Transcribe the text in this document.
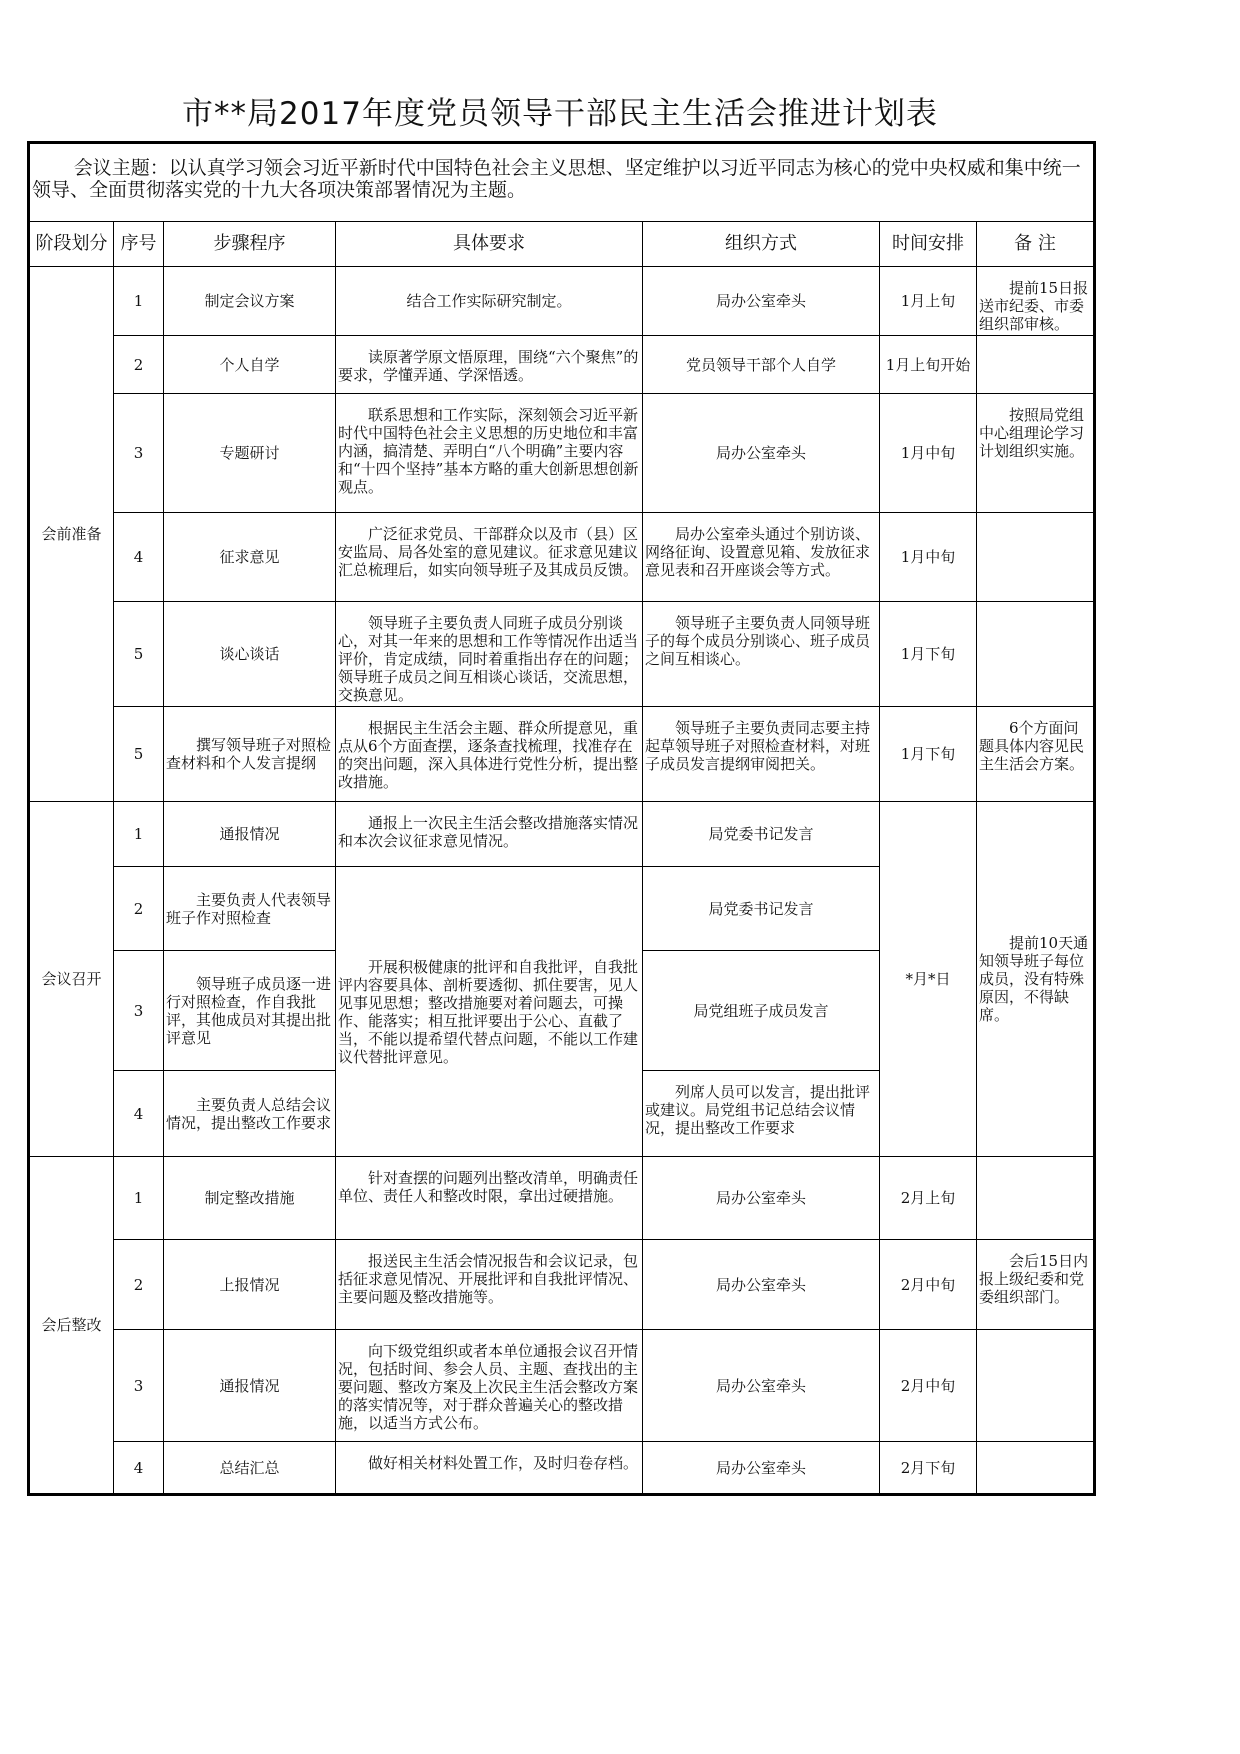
市**局2017年度党员领导干部民主生活会推进计划表
会议主题：以认真学习领会习近平新时代中国特色社会主义思想、坚定维护以习近平同志为核心的党中央权威和集中统一领导、全面贯彻落实党的十九大各项决策部署情况为主题。						
阶段划分	序号	步骤程序	具体要求	组织方式	时间安排	备 注
会前准备	1	制定会议方案	结合工作实际研究制定。	局办公室牵头	1月上旬	提前15日报送市纪委、市委组织部审核。
	2	个人自学	读原著学原文悟原理，围绕“六个聚焦”的要求，学懂弄通、学深悟透。	党员领导干部个人自学	1月上旬开始	
	3	专题研讨	联系思想和工作实际，深刻领会习近平新时代中国特色社会主义思想的历史地位和丰富内涵，搞清楚、弄明白“八个明确”主要内容和“十四个坚持”基本方略的重大创新思想创新观点。	局办公室牵头	1月中旬	按照局党组中心组理论学习计划组织实施。
	4	征求意见	广泛征求党员、干部群众以及市（县）区安监局、局各处室的意见建议。征求意见建议汇总梳理后，如实向领导班子及其成员反馈。	局办公室牵头通过个别访谈、网络征询、设置意见箱、发放征求意见表和召开座谈会等方式。	1月中旬	
	5	谈心谈话	领导班子主要负责人同班子成员分别谈心，对其一年来的思想和工作等情况作出适当评价，肯定成绩，同时着重指出存在的问题；领导班子成员之间互相谈心谈话，交流思想，交换意见。	领导班子主要负责人同领导班子的每个成员分别谈心、班子成员之间互相谈心。	1月下旬	
	5	撰写领导班子对照检查材料和个人发言提纲	根据民主生活会主题、群众所提意见，重点从6个方面查摆，逐条查找梳理，找准存在的突出问题，深入具体进行党性分析，提出整改措施。	领导班子主要负责同志要主持起草领导班子对照检查材料，对班子成员发言提纲审阅把关。	1月下旬	6个方面问题具体内容见民主生活会方案。
会议召开	1	通报情况	通报上一次民主生活会整改措施落实情况和本次会议征求意见情况。	局党委书记发言	*月*日	提前10天通知领导班子每位成员，没有特殊原因，不得缺席。
	2	主要负责人代表领导班子作对照检查	开展积极健康的批评和自我批评，自我批评内容要具体、剖析要透彻、抓住要害，见人见事见思想；整改措施要对着问题去，可操作、能落实；相互批评要出于公心、直截了当，不能以提希望代替点问题，不能以工作建议代替批评意见。	局党委书记发言		
	3	领导班子成员逐一进行对照检查，作自我批评，其他成员对其提出批评意见		局党组班子成员发言		
	4	主要负责人总结会议情况，提出整改工作要求		列席人员可以发言，提出批评或建议。局党组书记总结会议情况，提出整改工作要求		
会后整改	1	制定整改措施	针对查摆的问题列出整改清单，明确责任单位、责任人和整改时限，拿出过硬措施。	局办公室牵头	2月上旬	
	2	上报情况	报送民主生活会情况报告和会议记录，包括征求意见情况、开展批评和自我批评情况、主要问题及整改措施等。	局办公室牵头	2月中旬	会后15日内报上级纪委和党委组织部门。
	3	通报情况	向下级党组织或者本单位通报会议召开情况，包括时间、参会人员、主题、查找出的主要问题、整改方案及上次民主生活会整改方案的落实情况等，对于群众普遍关心的整改措施，以适当方式公布。	局办公室牵头	2月中旬	
	4	总结汇总	做好相关材料处置工作，及时归卷存档。	局办公室牵头	2月下旬	
